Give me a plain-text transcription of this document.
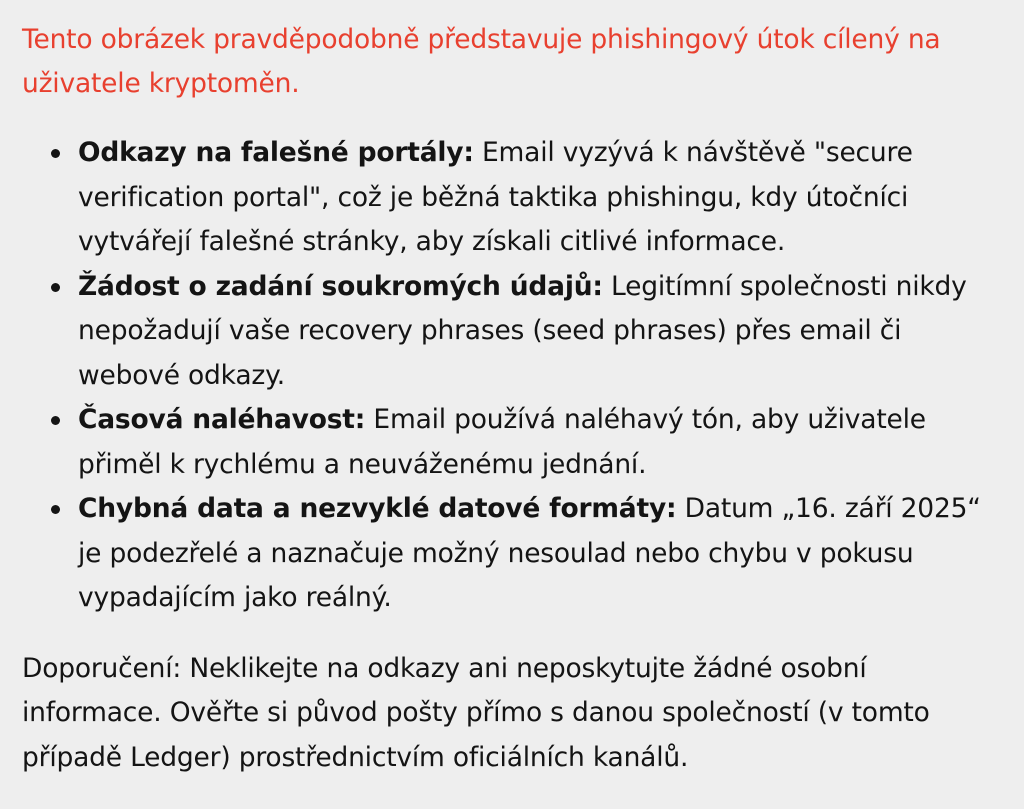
Tento obrázek pravděpodobně představuje phishingový útok cílený na uživatele kryptoměn.

Odkazy na falešné portály: Email vyzývá k návštěvě "secure verification portal", což je běžná taktika phishingu, kdy útočníci vytvářejí falešné stránky, aby získali citlivé informace.
Žádost o zadání soukromých údajů: Legitímní společnosti nikdy nepožadují vaše recovery phrases (seed phrases) přes email či webové odkazy.
Časová naléhavost: Email používá naléhavý tón, aby uživatele přiměl k rychlému a neuváženému jednání.
Chybná data a nezvyklé datové formáty: Datum „16. září 2025“ je podezřelé a naznačuje možný nesoulad nebo chybu v pokusu vypadajícím jako reálný.

Doporučení: Neklikejte na odkazy ani neposkytujte žádné osobní informace. Ověřte si původ pošty přímo s danou společností (v tomto případě Ledger) prostřednictvím oficiálních kanálů.
